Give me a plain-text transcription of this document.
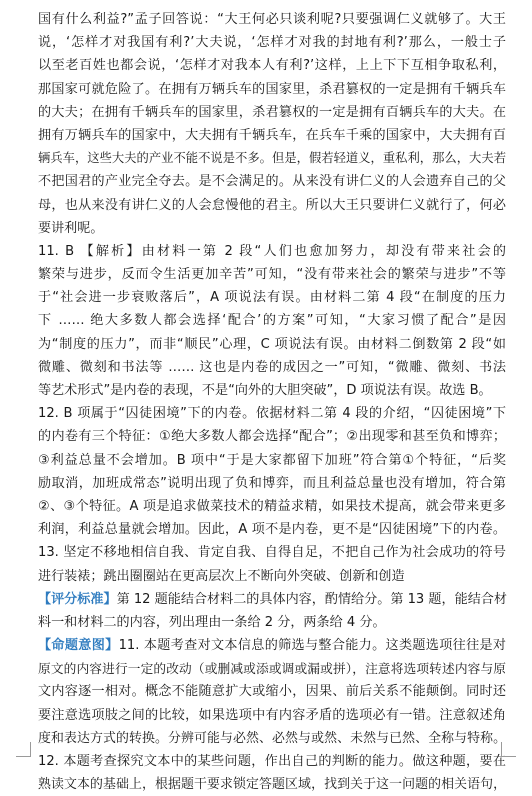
国有什么利益?”孟子回答说：“大王何必只谈利呢?只要强调仁义就够了。大王
说，‘怎样才对我国有利?’大夫说，‘怎样才对我的封地有利?’那么，一般士子
以至老百姓也都会说，‘怎样才对我本人有利?’这样，上上下下互相争取私利，
那国家可就危险了。在拥有万辆兵车的国家里，杀君篡权的一定是拥有千辆兵车
的大夫；在拥有千辆兵车的国家里，杀君篡权的一定是拥有百辆兵车的大夫。在
拥有万辆兵车的国家中，大夫拥有千辆兵车，在兵车千乘的国家中，大夫拥有百
辆兵车，这些大夫的产业不能不说是不多。但是，假若轻道义，重私利，那么，大夫若
不把国君的产业完全夺去。是不会满足的。从来没有讲仁义的人会遗弃自己的父
母，也从来没有讲仁义的人会怠慢他的君主。所以大王只要讲仁义就行了，何必
要讲利呢。
11. B 【解析】由材料一第 2 段“人们也愈加努力，却没有带来社会的
繁荣与进步，反而令生活更加辛苦”可知，“没有带来社会的繁荣与进步”不等
于“社会进一步衰败落后”，A 项说法有误。由材料二第 4 段“在制度的压力
下 …… 绝大多数人都会选择‘配合’的方案”可知，“大家习惯了配合”是因
为“制度的压力”，而非“顺民”心理，C 项说法有误。由材料二倒数第 2 段“如
微雕、微刻和书法等 …… 这也是内卷的成因之一”可知，“微雕、微刻、书法
等艺术形式”是内卷的表现，不是“向外的大胆突破”，D 项说法有误。故选 B。
12. B 项属于“囚徒困境”下的内卷。依据材料二第 4 段的介绍，“囚徒困境”下
的内卷有三个特征：①绝大多数人都会选择“配合”；②出现零和甚至负和博弈；
③利益总量不会增加。B 项中“于是大家都留下加班”符合第①个特征，“后奖
励取消，加班成常态”说明出现了负和博弈，而且利益总量也没有增加，符合第
②、③个特征。A 项是追求做菜技术的精益求精，如果技术提高，就会带来更多
利润，利益总量就会增加。因此，A 项不是内卷，更不是“囚徒困境”下的内卷。
13. 坚定不移地相信自我、肯定自我、自得自足，不把自己作为社会成功的符号
进行装裱；跳出圈圈站在更高层次上不断向外突破、创新和创造
【评分标准】第 12 题能结合材料二的具体内容，酌情给分。第 13 题，能结合材
料一和材料二的内容，列出理由一条给 2 分，两条给 4 分。
【命题意图】11. 本题考查对文本信息的筛选与整合能力。这类题选项往往是对
原文的内容进行一定的改动（或删减或添或调或漏或拼），注意将选项转述内容与原
文内容逐一相对。概念不能随意扩大或缩小，因果、前后关系不能颠倒。同时还
要注意选项肢之间的比较，如果选项中有内容矛盾的选项必有一错。注意叙述角
度和表达方式的转换。分辨可能与必然、必然与或然、未然与已然、全称与特称。
12. 本题考查探究文本中的某些问题，作出自己的判断的能力。做这种题，要在
熟读文本的基础上，根据题干要求锁定答题区域，找到关于这一问题的相关语句，
